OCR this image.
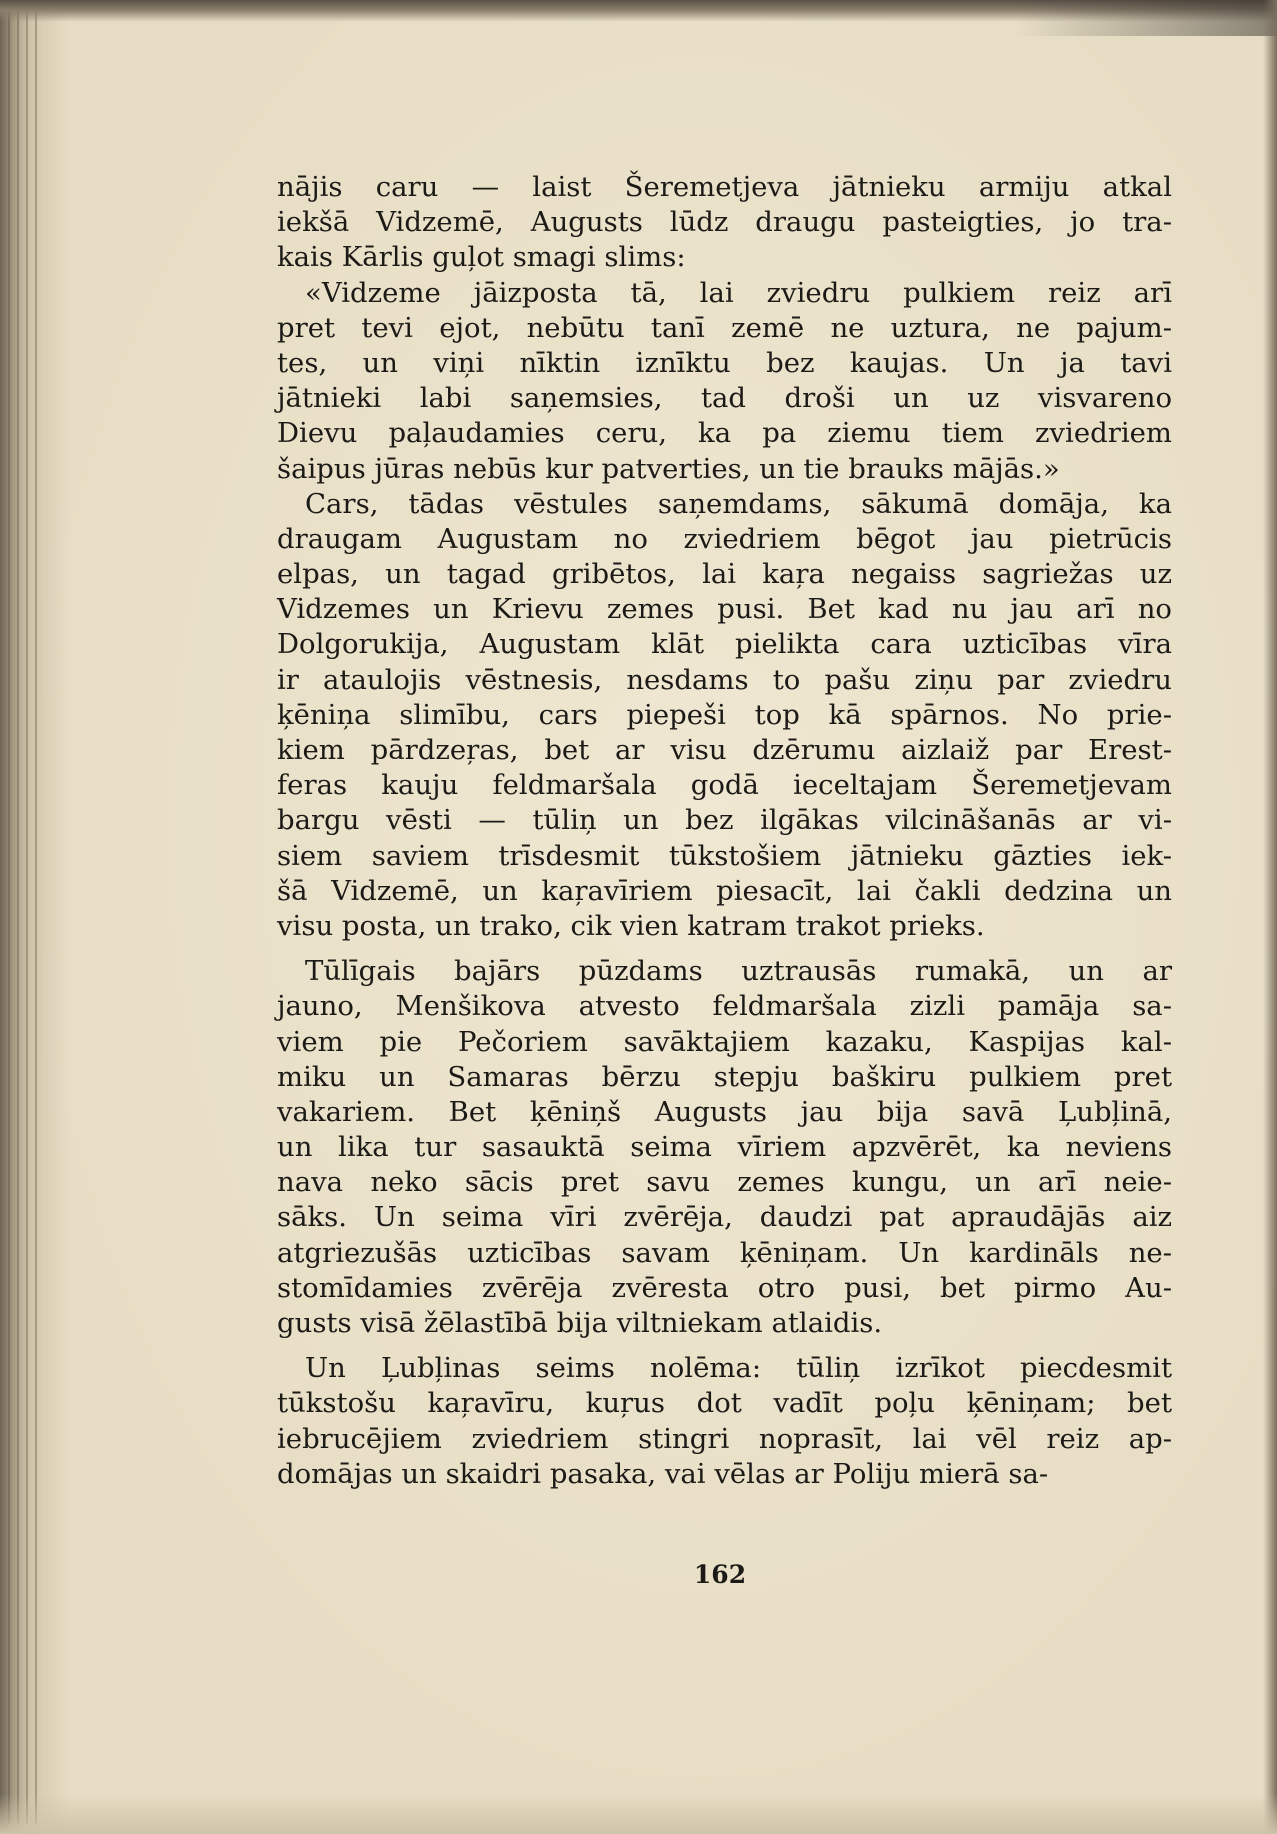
nājis caru — laist Šeremetjeva jātnieku armiju atkal
iekšā Vidzemē, Augusts lūdz draugu pasteigties, jo tra-
kais Kārlis guļot smagi slims:
«Vidzeme jāizposta tā, lai zviedru pulkiem reiz arī
pret tevi ejot, nebūtu tanī zemē ne uztura, ne pajum-
tes, un viņi nīktin iznīktu bez kaujas. Un ja tavi
jātnieki labi saņemsies, tad droši un uz visvareno
Dievu paļaudamies ceru, ka pa ziemu tiem zviedriem
šaipus jūras nebūs kur patverties, un tie brauks mājās.»
Cars, tādas vēstules saņemdams, sākumā domāja, ka
draugam Augustam no zviedriem bēgot jau pietrūcis
elpas, un tagad gribētos, lai kaŗa negaiss sagriežas uz
Vidzemes un Krievu zemes pusi. Bet kad nu jau arī no
Dolgorukija, Augustam klāt pielikta cara uzticības vīra
ir ataulojis vēstnesis, nesdams to pašu ziņu par zviedru
ķēniņa slimību, cars piepeši top kā spārnos. No prie-
kiem pārdzeŗas, bet ar visu dzērumu aizlaiž par Erest-
feras kauju feldmaršala godā ieceltajam Šeremetjevam
bargu vēsti — tūliņ un bez ilgākas vilcināšanās ar vi-
siem saviem trīsdesmit tūkstošiem jātnieku gāzties iek-
šā Vidzemē, un kaŗavīriem piesacīt, lai čakli dedzina un
visu posta, un trako, cik vien katram trakot prieks.
Tūlīgais bajārs pūzdams uztrausās rumakā, un ar
jauno, Menšikova atvesto feldmaršala zizli pamāja sa-
viem pie Pečoriem savāktajiem kazaku, Kaspijas kal-
miku un Samaras bērzu stepju baškiru pulkiem pret
vakariem. Bet ķēniņš Augusts jau bija savā Ļubļinā,
un lika tur sasauktā seima vīriem apzvērēt, ka neviens
nava neko sācis pret savu zemes kungu, un arī neie-
sāks. Un seima vīri zvērēja, daudzi pat apraudājās aiz
atgriezušās uzticības savam ķēniņam. Un kardināls ne-
stomīdamies zvērēja zvēresta otro pusi, bet pirmo Au-
gusts visā žēlastībā bija viltniekam atlaidis.
Un Ļubļinas seims nolēma: tūliņ izrīkot piecdesmit
tūkstošu kaŗavīru, kuŗus dot vadīt poļu ķēniņam; bet
iebrucējiem zviedriem stingri noprasīt, lai vēl reiz ap-
domājas un skaidri pasaka, vai vēlas ar Poliju mierā sa-
162
